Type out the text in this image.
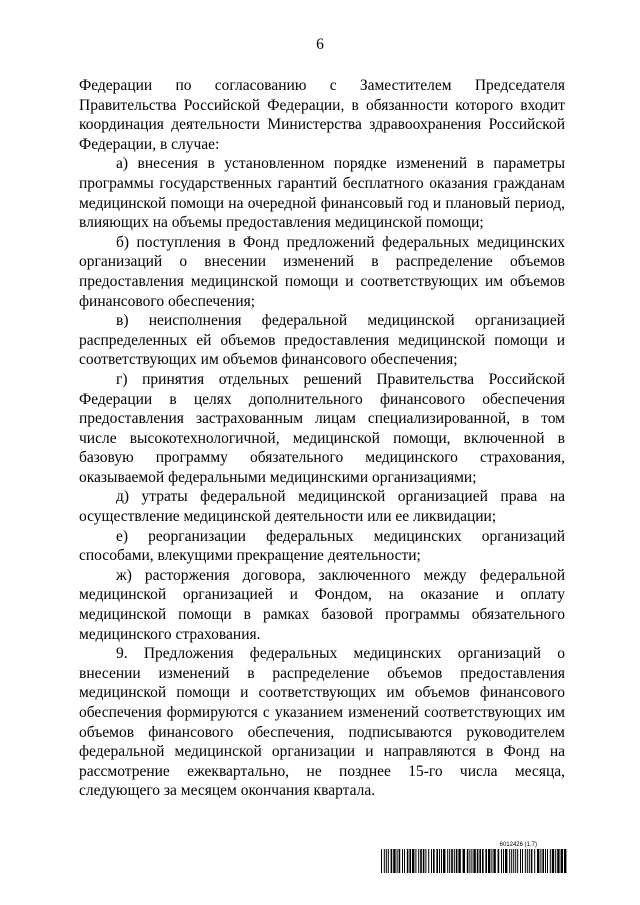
6

Федерации по согласованию с Заместителем Председателя Правительства Российской Федерации, в обязанности которого входит координация деятельности Министерства здравоохранения Российской Федерации, в случае:

а) внесения в установленном порядке изменений в параметры программы государственных гарантий бесплатного оказания гражданам медицинской помощи на очередной финансовый год и плановый период, влияющих на объемы предоставления медицинской помощи;

б) поступления в Фонд предложений федеральных медицинских организаций о внесении изменений в распределение объемов предоставления медицинской помощи и соответствующих им объемов финансового обеспечения;

в) неисполнения федеральной медицинской организацией распределенных ей объемов предоставления медицинской помощи и соответствующих им объемов финансового обеспечения;

г) принятия отдельных решений Правительства Российской Федерации в целях дополнительного финансового обеспечения предоставления застрахованным лицам специализированной, в том числе высокотехнологичной, медицинской помощи, включенной в базовую программу обязательного медицинского страхования, оказываемой федеральными медицинскими организациями;

д) утраты федеральной медицинской организацией права на осуществление медицинской деятельности или ее ликвидации;

е) реорганизации федеральных медицинских организаций способами, влекущими прекращение деятельности;

ж) расторжения договора, заключенного между федеральной медицинской организацией и Фондом, на оказание и оплату медицинской помощи в рамках базовой программы обязательного медицинского страхования.

9. Предложения федеральных медицинских организаций о внесении изменений в распределение объемов предоставления медицинской помощи и соответствующих им объемов финансового обеспечения формируются с указанием изменений соответствующих им объемов финансового обеспечения, подписываются руководителем федеральной медицинской организации и направляются в Фонд на рассмотрение ежеквартально, не позднее 15-го числа месяца, следующего за месяцем окончания квартала.

6012426 (1.7)
